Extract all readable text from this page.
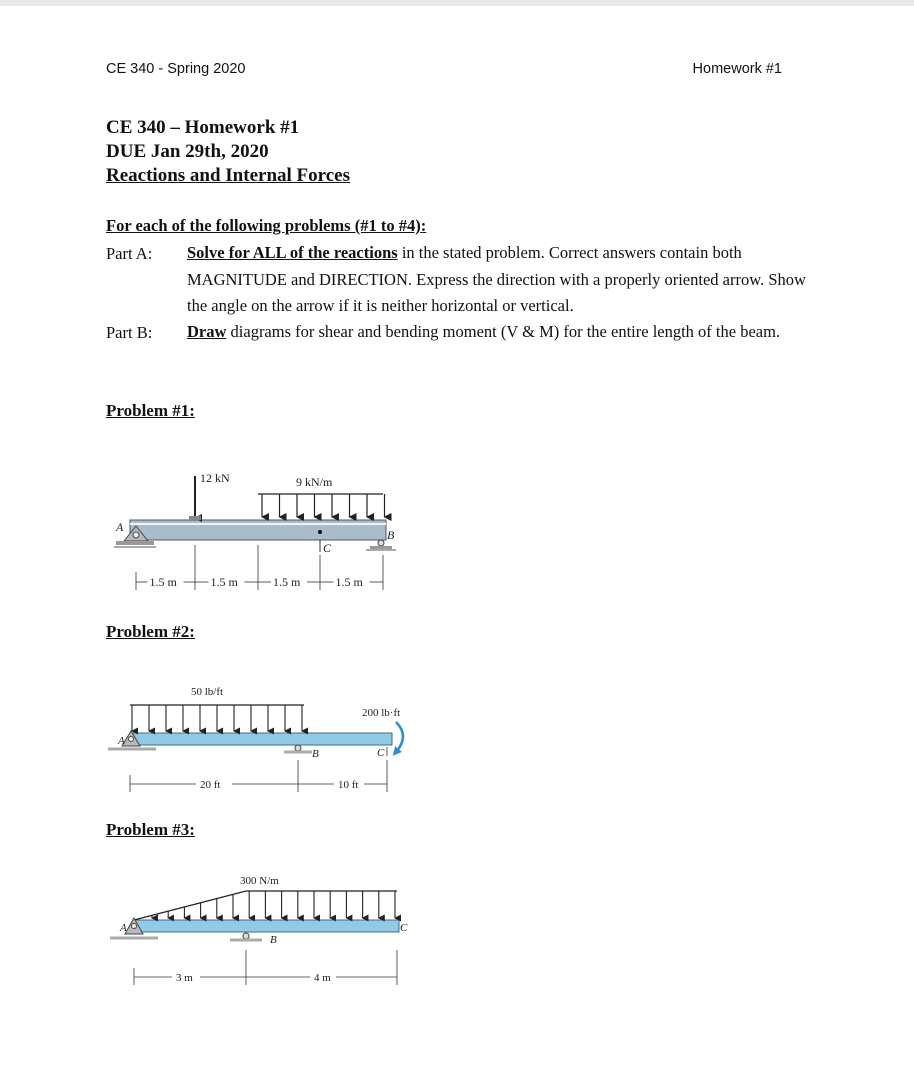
CE 340 - Spring 2020	Homework #1
CE 340 – Homework #1
DUE Jan 29th, 2020
Reactions and Internal Forces
For each of the following problems (#1 to #4):
Part A: Solve for ALL of the reactions in the stated problem. Correct answers contain both MAGNITUDE and DIRECTION. Express the direction with a properly oriented arrow. Show the angle on the arrow if it is neither horizontal or vertical.
Part B: Draw diagrams for shear and bending moment (V & M) for the entire length of the beam.
Problem #1:
Problem #2:
Problem #3:
12 kN	9 kN/m
A
B
C
1.5 m	1.5 m	1.5 m	1.5 m
50 lb/ft
200 lb·ft
A
B	C
20 ft	10 ft
300 N/m
A
B
C
3 m	4 m
